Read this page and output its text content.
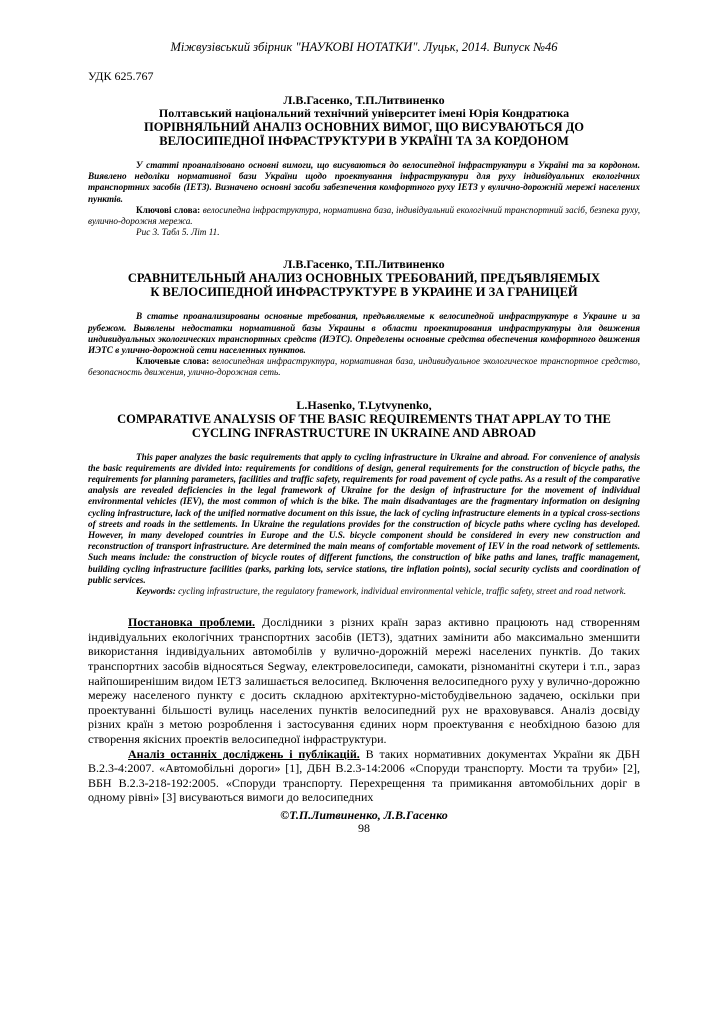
Міжвузівський збірник "НАУКОВІ НОТАТКИ". Луцьк, 2014. Випуск №46

УДК 625.767

Л.В.Гасенко, Т.П.Литвиненко

Полтавський національний технічний університет імені Юрія Кондратюка

ПОРІВНЯЛЬНИЙ АНАЛІЗ ОСНОВНИХ ВИМОГ, ЩО ВИСУВАЮТЬСЯ ДО

ВЕЛОСИПЕДНОЇ ІНФРАСТРУКТУРИ В УКРАЇНІ ТА ЗА КОРДОНОМ

У статті проаналізовано основні вимоги, що висуваються до велосипедної інфраструктури в Україні та за кордоном. Виявлено недоліки нормативної бази України щодо проектування інфраструктури для руху індивідуальних екологічних транспортних засобів (ІЕТЗ). Визначено основні засоби забезпечення комфортного руху ІЕТЗ у вулично-дорожній мережі населених пунктів.

Ключові слова: велосипедна інфраструктура, нормативна база, індивідуальний екологічний транспортний засіб, безпека руху, вулично-дорожня мережа.

Рис 3. Табл 5. Літ 11.

Л.В.Гасенко, Т.П.Литвиненко

СРАВНИТЕЛЬНЫЙ АНАЛИЗ ОСНОВНЫХ ТРЕБОВАНИЙ, ПРЕДЪЯВЛЯЕМЫХ

К ВЕЛОСИПЕДНОЙ ИНФРАСТРУКТУРЕ В УКРАИНЕ И ЗА ГРАНИЦЕЙ

В статье проанализированы основные требования, предъявляемые к велосипедной инфраструктуре в Украине и за рубежом. Выявлены недостатки нормативной базы Украины в области проектирования инфраструктуры для движения индивидуальных экологических транспортных средств (ИЭТС). Определены основные средства обеспечения комфортного движения ИЭТС в улично-дорожной сети населенных пунктов.

Ключевые слова: велосипедная инфраструктура, нормативная база, индивидуальное экологическое транспортное средство, безопасность движения, улично-дорожная сеть.

L.Hasenko, T.Lytvynenko,

COMPARATIVE ANALYSIS OF THE BASIC REQUIREMENTS THAT APPLAY TO THE

CYCLING INFRASTRUCTURE IN UKRAINE AND ABROAD

This paper analyzes the basic requirements that apply to cycling infrastructure in Ukraine and abroad. For convenience of analysis the basic requirements are divided into: requirements for conditions of design, general requirements for the construction of bicycle paths, the requirements for planning parameters, facilities and traffic safety, requirements for road pavement of cycle paths. As a result of the comparative analysis are revealed deficiencies in the legal framework of Ukraine for the design of infrastructure for the movement of individual environmental vehicles (IEV), the most common of which is the bike. The main disadvantages are the fragmentary information on designing cycling infrastructure, lack of the unified normative document on this issue, the lack of cycling infrastructure elements in a typical cross-sections of streets and roads in the settlements. In Ukraine the regulations provides for the construction of bicycle paths where cycling has developed. However, in many developed countries in Europe and the U.S. bicycle component should be considered in every new construction and reconstruction of transport infrastructure. Are determined the main means of comfortable movement of IEV in the road network of settlements. Such means include: the construction of bicycle routes of different functions, the construction of bike paths and lanes, traffic management, building cycling infrastructure facilities (parks, parking lots, service stations, tire inflation points), social security cyclists and coordination of public services.

Keywords: cycling infrastructure, the regulatory framework, individual environmental vehicle, traffic safety, street and road network.

Постановка проблеми. Дослідники з різних країн зараз активно працюють над створенням індивідуальних екологічних транспортних засобів (ІЕТЗ), здатних замінити або максимально зменшити використання індивідуальних автомобілів у вулично-дорожній мережі населених пунктів. До таких транспортних засобів відносяться Segway, електровелосипеди, самокати, різноманітні скутери і т.п., зараз найпоширенішим видом ІЕТЗ залишається велосипед. Включення велосипедного руху у вулично-дорожню мережу населеного пункту є досить складною архітектурно-містобудівельною задачею, оскільки при проектуванні більшості вулиць населених пунктів велосипедний рух не враховувався. Аналіз досвіду різних країн з метою розроблення і застосування єдиних норм проектування є необхідною базою для створення якісних проектів велосипедної інфраструктури.

Аналіз останніх досліджень і публікацій. В таких нормативних документах України як ДБН В.2.3-4:2007. «Автомобільні дороги» [1], ДБН В.2.3-14:2006 «Споруди транспорту. Мости та труби» [2], ВБН В.2.3-218-192:2005. «Споруди транспорту. Перехрещення та примикання автомобільних доріг в одному рівні» [3] висуваються вимоги до велосипедних

©Т.П.Литвиненко, Л.В.Гасенко

98
